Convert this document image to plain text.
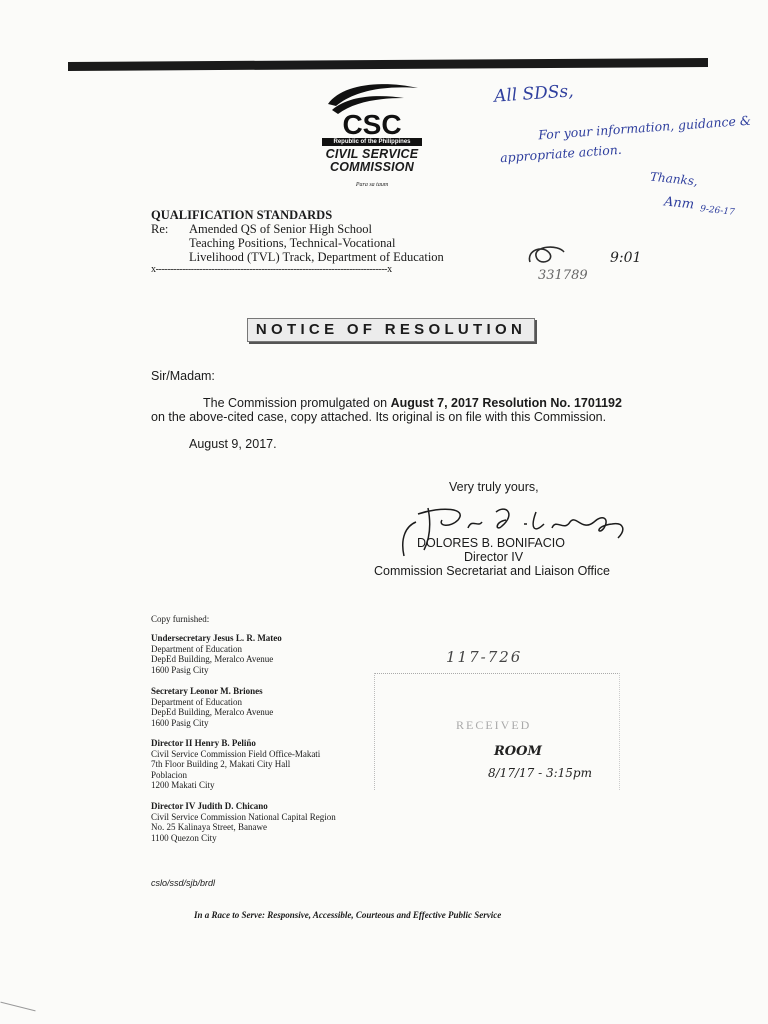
CSC
Republic of the Philippines
CIVIL SERVICE
COMMISSION
Para sa taum
All SDSs,
For your information, guidance &
appropriate action.
Thanks,
Anm 9-26-17
QUALIFICATION STANDARDS
Re: Amended QS of Senior High School
Teaching Positions, Technical-Vocational
Livelihood (TVL) Track, Department of Education
x-------------------------------------------------------------------------------x
9:01
331789
NOTICE OF RESOLUTION
Sir/Madam:
The Commission promulgated on August 7, 2017 Resolution No. 1701192
on the above-cited case, copy attached. Its original is on file with this Commission.
August 9, 2017.
Very truly yours,
DOLORES B. BONIFACIO
Director IV
Commission Secretariat and Liaison Office
Copy furnished:
Undersecretary Jesus L. R. Mateo
Department of Education
DepEd Building, Meralco Avenue
1600 Pasig City
Secretary Leonor M. Briones
Department of Education
DepEd Building, Meralco Avenue
1600 Pasig City
Director II Henry B. Peliño
Civil Service Commission Field Office-Makati
7th Floor Building 2, Makati City Hall
Poblacion
1200 Makati City
Director IV Judith D. Chicano
Civil Service Commission National Capital Region
No. 25 Kalinaya Street, Banawe
1100 Quezon City
117-726
RECEIVED
ROOM
8/17/17 - 3:15pm
cslo/ssd/sjb/brdl
In a Race to Serve: Responsive, Accessible, Courteous and Effective Public Service
